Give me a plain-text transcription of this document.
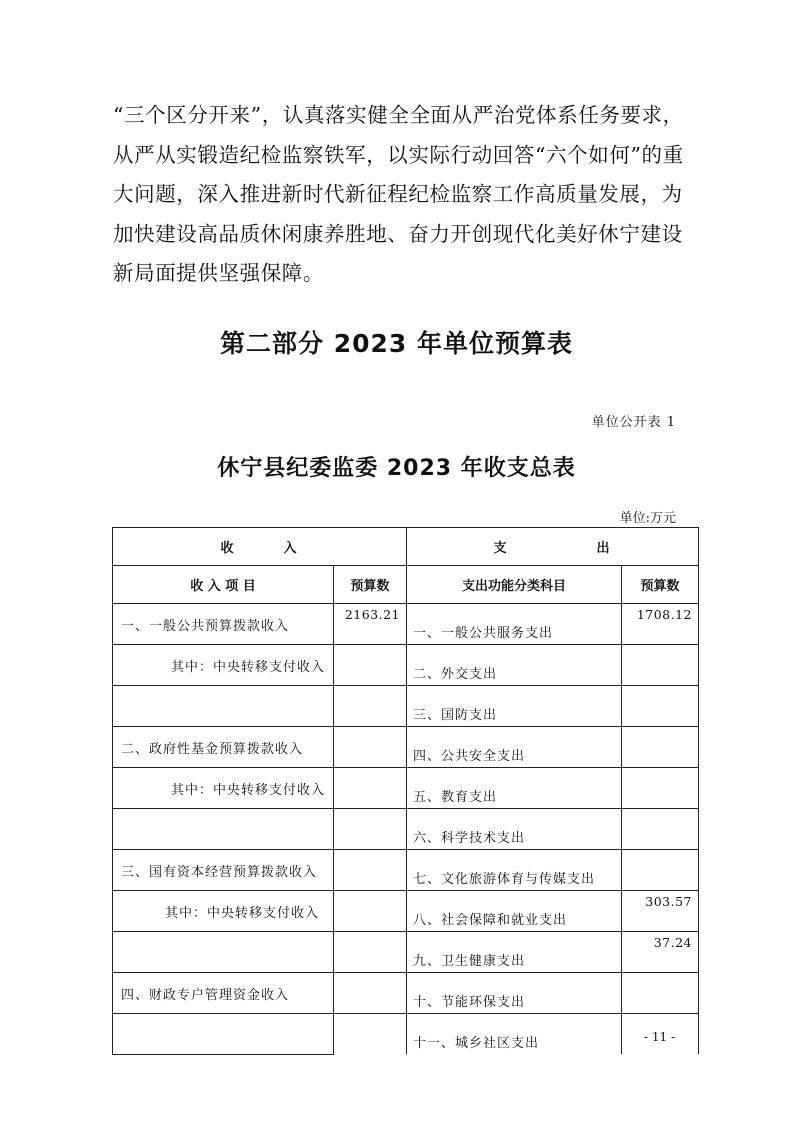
“三个区分开来”，认真落实健全全面从严治党体系任务要求，从严从实锻造纪检监察铁军，以实际行动回答“六个如何”的重大问题，深入推进新时代新征程纪检监察工作高质量发展，为加快建设高品质休闲康养胜地、奋力开创现代化美好休宁建设新局面提供坚强保障。

第二部分 2023 年单位预算表
单位公开表 1
休宁县纪委监委 2023 年收支总表
单位:万元
收 入		支 出	
收 入 项 目	预算数	支出功能分类科目	预算数
一、一般公共预算拨款收入	2163.21	一、一般公共服务支出	1708.12
其中：中央转移支付收入		二、外交支出	
		三、国防支出	
二、政府性基金预算拨款收入		四、公共安全支出	
其中：中央转移支付收入		五、教育支出	
		六、科学技术支出	
三、国有资本经营预算拨款收入		七、文化旅游体育与传媒支出	
其中：中央转移支付收入		八、社会保障和就业支出	303.57
		九、卫生健康支出	37.24
四、财政专户管理资金收入		十、节能环保支出	
		十一、城乡社区支出		- 11 -
